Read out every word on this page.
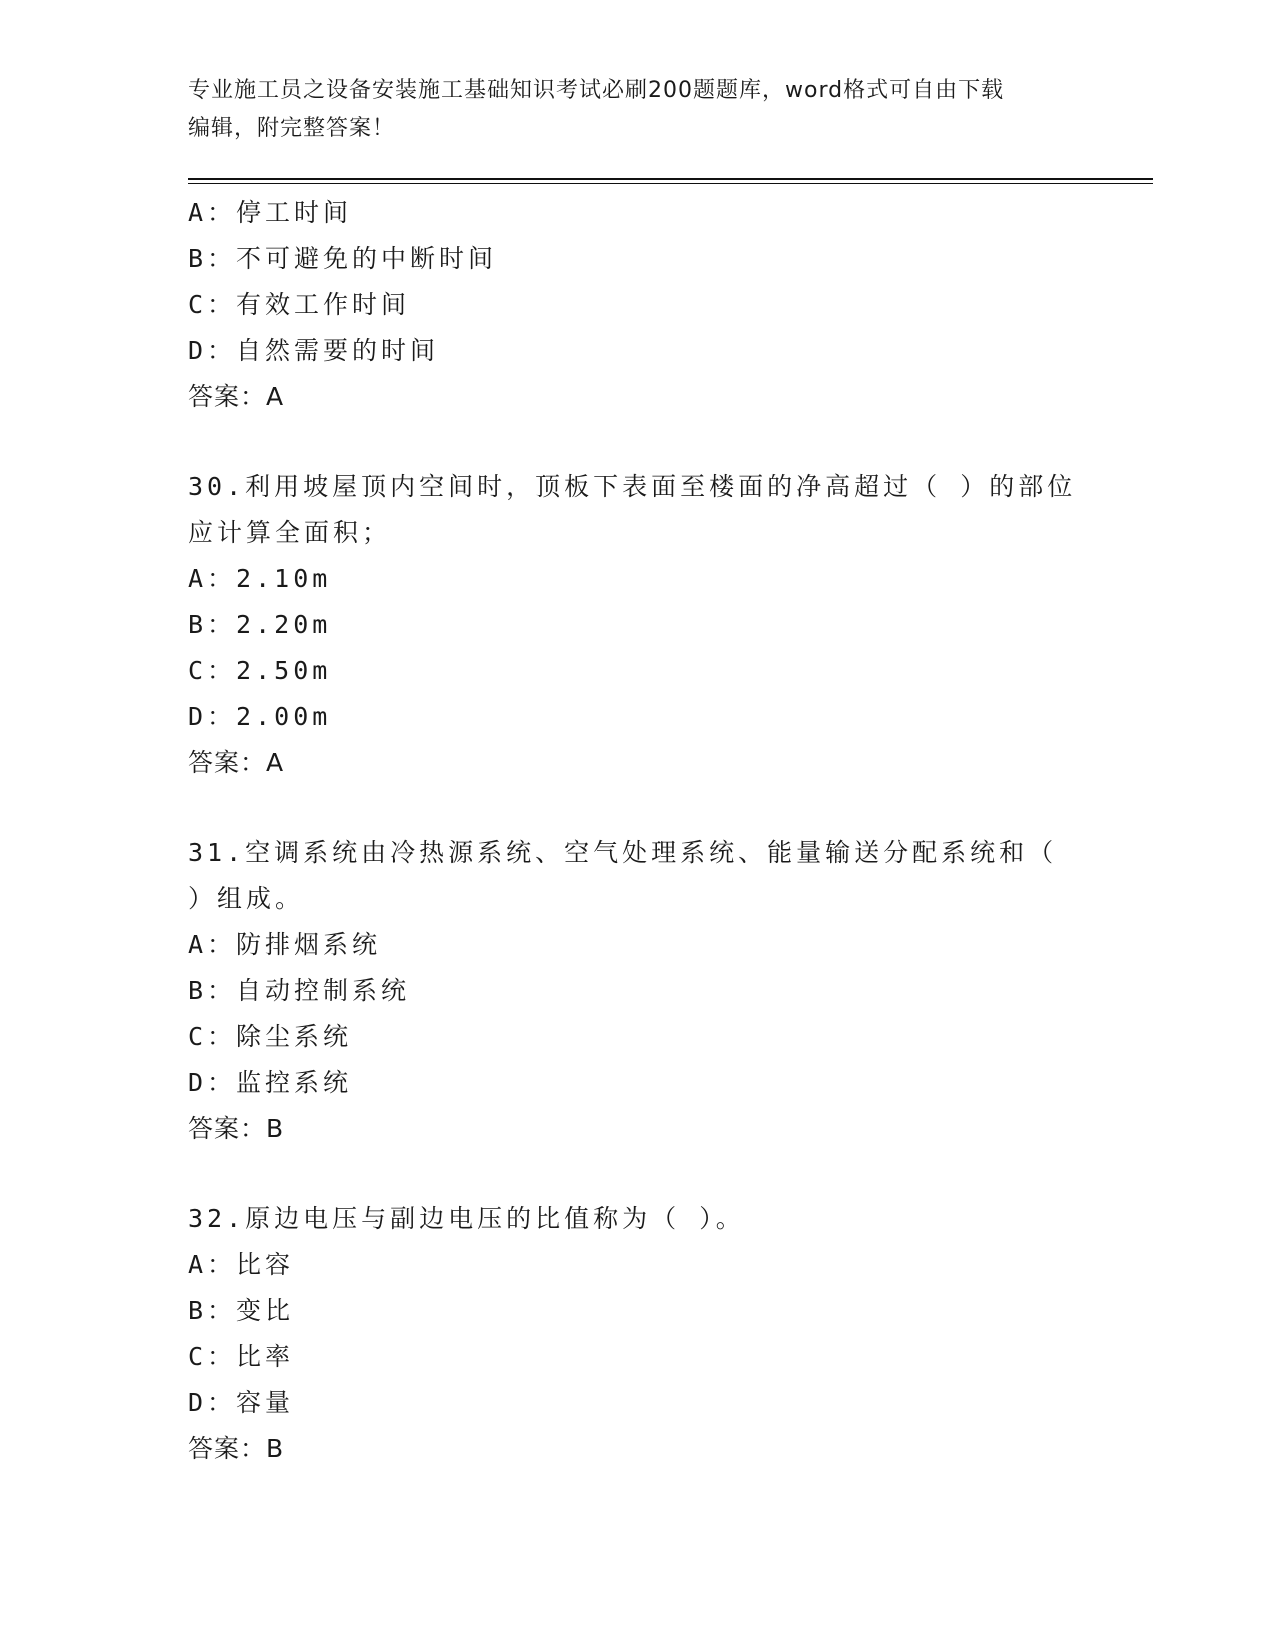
专业施工员之设备安装施工基础知识考试必刷200题题库，word格式可自由下载
编辑，附完整答案！
A：停工时间
B：不可避免的中断时间
C：有效工作时间
D：自然需要的时间
答案：A
30.利用坡屋顶内空间时，顶板下表面至楼面的净高超过（ ）的部位
应计算全面积；
A：2.10m
B：2.20m
C：2.50m
D：2.00m
答案：A
31.空调系统由冷热源系统、空气处理系统、能量输送分配系统和（
）组成。
A：防排烟系统
B：自动控制系统
C：除尘系统
D：监控系统
答案：B
32.原边电压与副边电压的比值称为（ ）。
A：比容
B：变比
C：比率
D：容量
答案：B
